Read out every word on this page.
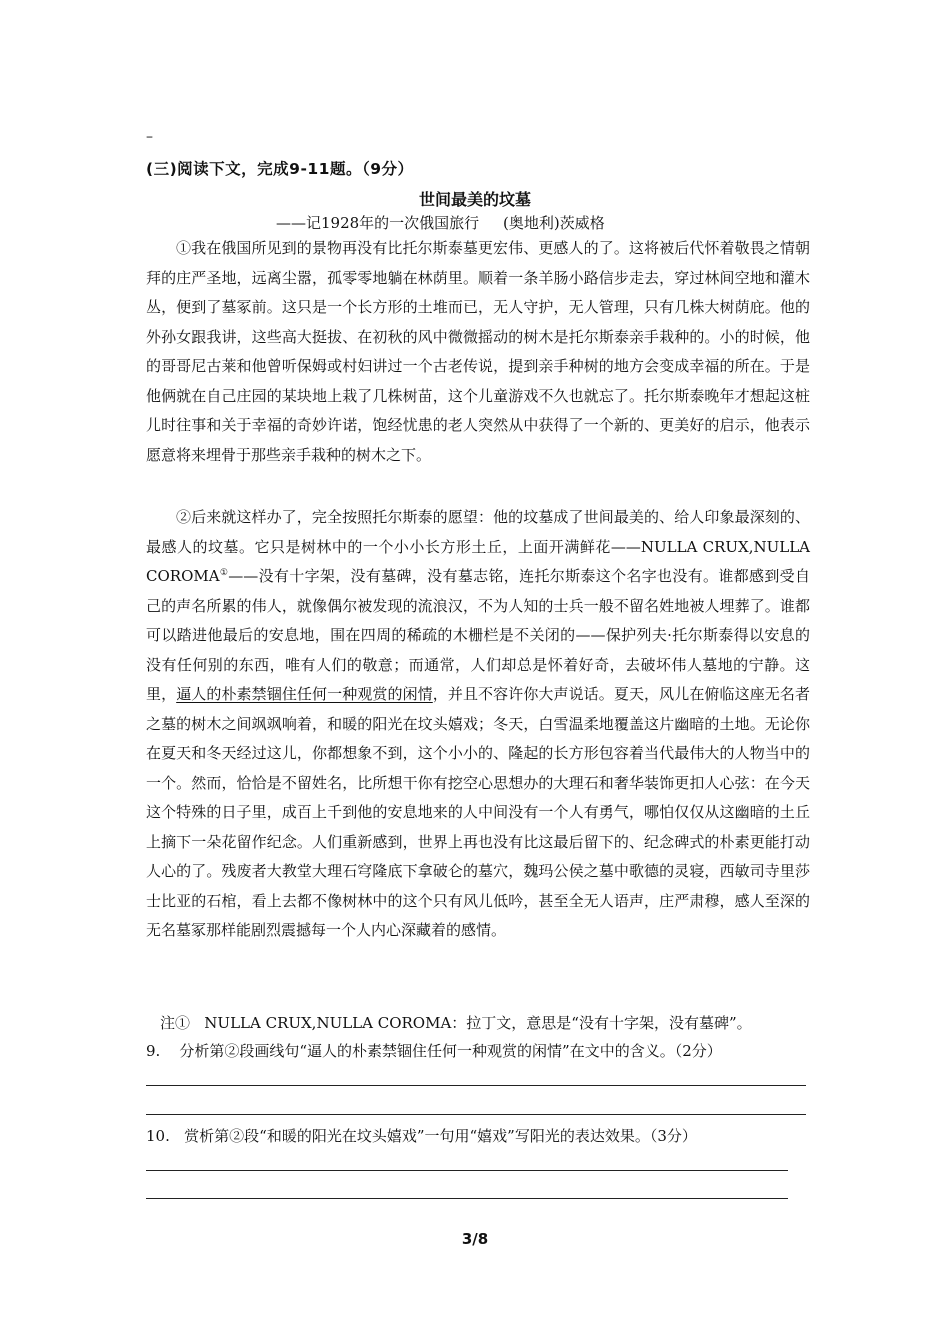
–
(三)阅读下文，完成9-11题。（9分）
世间最美的坟墓
——记1928年的一次俄国旅行     (奥地利)茨威格

①我在俄国所见到的景物再没有比托尔斯泰墓更宏伟、更感人的了。这将被后代怀着敬畏之情朝拜的庄严圣地，远离尘嚣，孤零零地躺在林荫里。顺着一条羊肠小路信步走去，穿过林间空地和灌木丛，便到了墓冢前。这只是一个长方形的土堆而已，无人守护，无人管理，只有几株大树荫庇。他的外孙女跟我讲，这些高大挺拔、在初秋的风中微微摇动的树木是托尔斯泰亲手栽种的。小的时候，他的哥哥尼古莱和他曾听保姆或村妇讲过一个古老传说，提到亲手种树的地方会变成幸福的所在。于是他俩就在自己庄园的某块地上栽了几株树苗，这个儿童游戏不久也就忘了。托尔斯泰晚年才想起这桩儿时往事和关于幸福的奇妙许诺，饱经忧患的老人突然从中获得了一个新的、更美好的启示，他表示愿意将来埋骨于那些亲手栽种的树木之下。

②后来就这样办了，完全按照托尔斯泰的愿望：他的坟墓成了世间最美的、给人印象最深刻的、最感人的坟墓。它只是树林中的一个小小长方形土丘，上面开满鲜花——NULLA CRUX,NULLA COROMA①——没有十字架，没有墓碑，没有墓志铭，连托尔斯泰这个名字也没有。谁都感到受自己的声名所累的伟人，就像偶尔被发现的流浪汉，不为人知的士兵一般不留名姓地被人埋葬了。谁都可以踏进他最后的安息地，围在四周的稀疏的木栅栏是不关闭的——保护列夫·托尔斯泰得以安息的没有任何别的东西，唯有人们的敬意；而通常，人们却总是怀着好奇，去破坏伟人墓地的宁静。这里，逼人的朴素禁锢住任何一种观赏的闲情，并且不容许你大声说话。夏天，风儿在俯临这座无名者之墓的树木之间飒飒响着，和暖的阳光在坟头嬉戏；冬天，白雪温柔地覆盖这片幽暗的土地。无论你在夏天和冬天经过这儿，你都想象不到，这个小小的、隆起的长方形包容着当代最伟大的人物当中的一个。然而，恰恰是不留姓名，比所想干你有挖空心思想办的大理石和奢华装饰更扣人心弦：在今天这个特殊的日子里，成百上千到他的安息地来的人中间没有一个人有勇气，哪怕仅仅从这幽暗的土丘上摘下一朵花留作纪念。人们重新感到，世界上再也没有比这最后留下的、纪念碑式的朴素更能打动人心的了。残废者大教堂大理石穹隆底下拿破仑的墓穴，魏玛公侯之墓中歌德的灵寝，西敏司寺里莎士比亚的石棺，看上去都不像树林中的这个只有风儿低吟，甚至全无人语声，庄严肃穆，感人至深的无名墓冢那样能剧烈震撼每一个人内心深藏着的感情。

注①   NULLA CRUX,NULLA COROMA：拉丁文，意思是“没有十字架，没有墓碑”。
9.    分析第②段画线句“逼人的朴素禁锢住任何一种观赏的闲情”在文中的含义。（2分）
10.   赏析第②段“和暖的阳光在坟头嬉戏”一句用“嬉戏”写阳光的表达效果。（3分）
3/8
